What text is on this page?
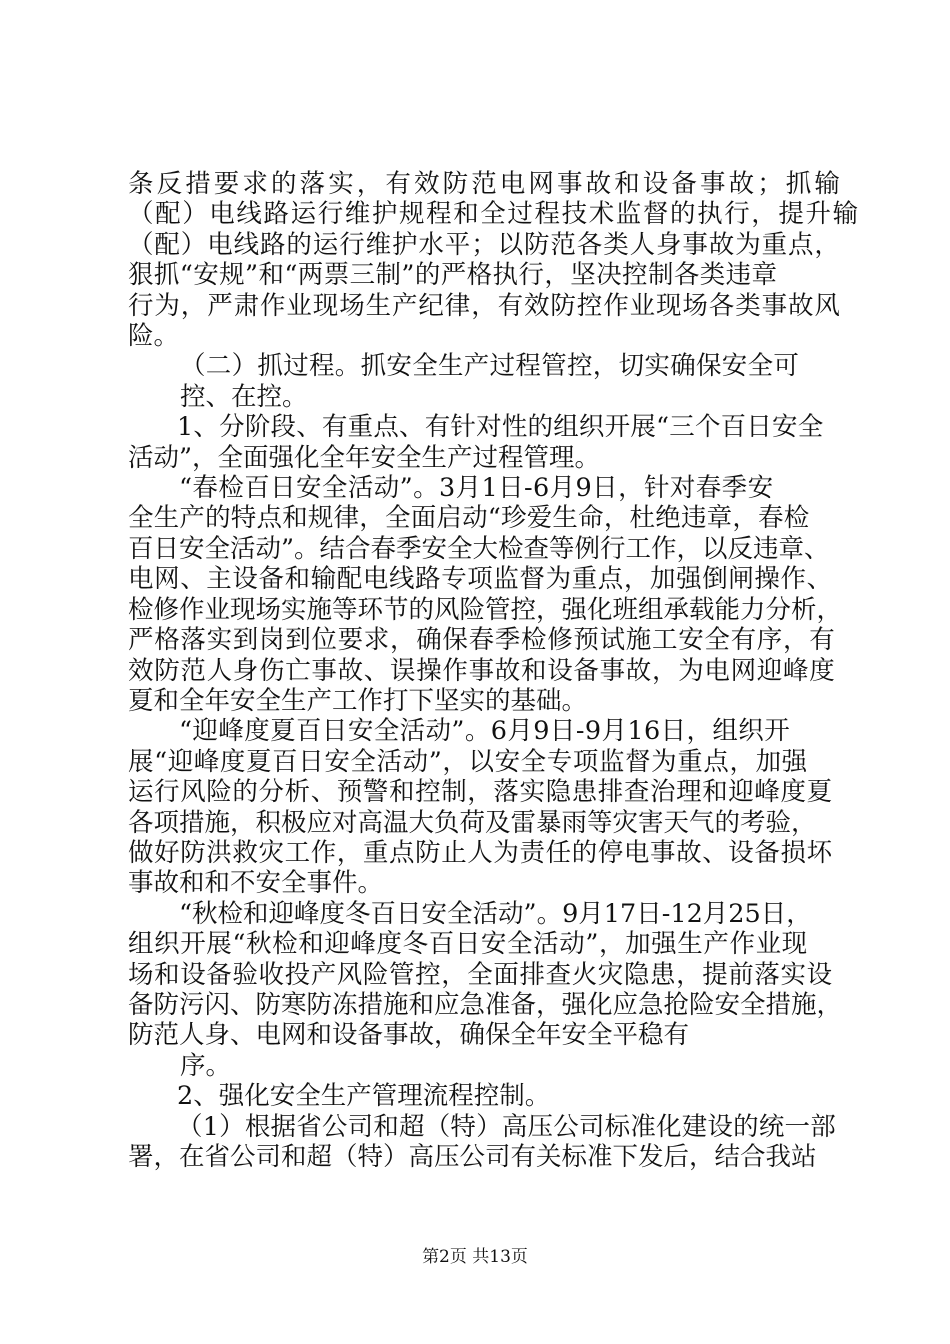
条反措要求的落实，有效防范电网事故和设备事故；抓输
（配）电线路运行维护规程和全过程技术监督的执行，提升输
（配）电线路的运行维护水平；以防范各类人身事故为重点，
狠抓“安规”和“两票三制”的严格执行，坚决控制各类违章
行为，严肃作业现场生产纪律，有效防控作业现场各类事故风
险。
（二）抓过程。抓安全生产过程管控，切实确保安全可
控、在控。
1、分阶段、有重点、有针对性的组织开展“三个百日安全
活动”，全面强化全年安全生产过程管理。
“春检百日安全活动”。3月1日-6月9日，针对春季安
全生产的特点和规律，全面启动“珍爱生命，杜绝违章，春检
百日安全活动”。结合春季安全大检查等例行工作，以反违章、
电网、主设备和输配电线路专项监督为重点，加强倒闸操作、
检修作业现场实施等环节的风险管控，强化班组承载能力分析，
严格落实到岗到位要求，确保春季检修预试施工安全有序，有
效防范人身伤亡事故、误操作事故和设备事故，为电网迎峰度
夏和全年安全生产工作打下坚实的基础。
“迎峰度夏百日安全活动”。6月9日-9月16日，组织开
展“迎峰度夏百日安全活动”，以安全专项监督为重点，加强
运行风险的分析、预警和控制，落实隐患排查治理和迎峰度夏
各项措施，积极应对高温大负荷及雷暴雨等灾害天气的考验，
做好防洪救灾工作，重点防止人为责任的停电事故、设备损坏
事故和和不安全事件。
“秋检和迎峰度冬百日安全活动”。9月17日-12月25日，
组织开展“秋检和迎峰度冬百日安全活动”，加强生产作业现
场和设备验收投产风险管控，全面排查火灾隐患，提前落实设
备防污闪、防寒防冻措施和应急准备，强化应急抢险安全措施，
防范人身、电网和设备事故，确保全年安全平稳有
序。
2、强化安全生产管理流程控制。
（1）根据省公司和超（特）高压公司标准化建设的统一部
署，在省公司和超（特）高压公司有关标准下发后，结合我站
第2页 共13页
